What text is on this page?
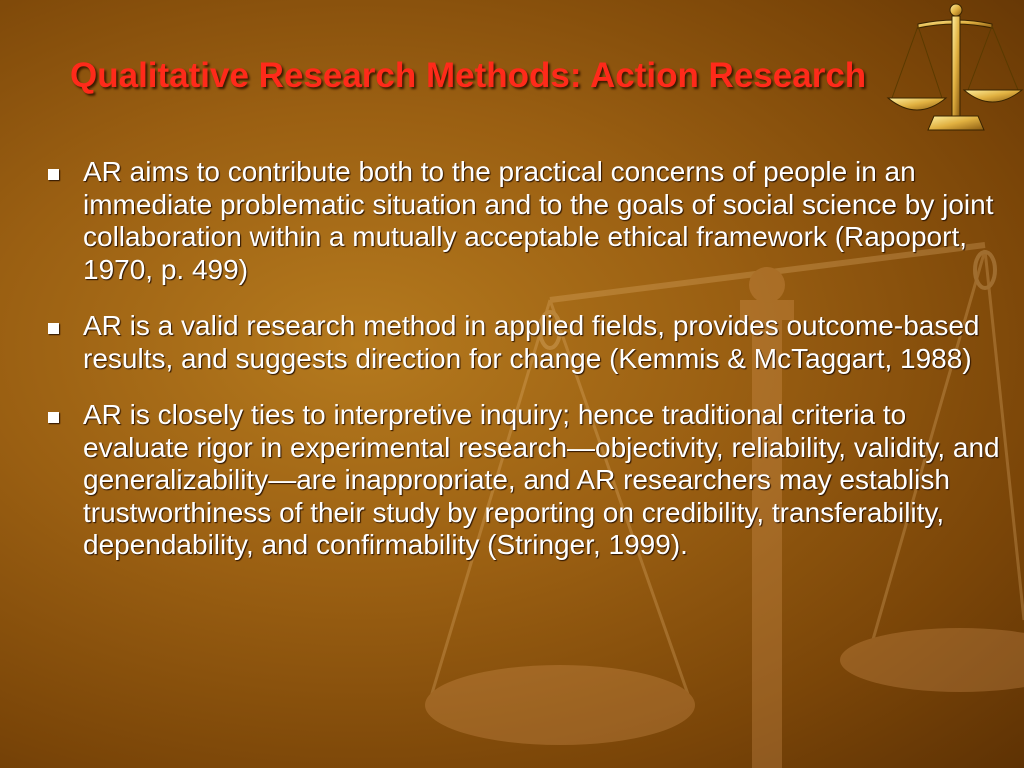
Qualitative Research Methods: Action Research
AR aims to contribute both to the practical concerns of people in an immediate problematic situation and to the goals of social science by joint collaboration within a mutually acceptable ethical framework (Rapoport, 1970, p. 499)
AR is a valid research method in applied fields, provides outcome-based results, and suggests direction for change (Kemmis & McTaggart, 1988)
AR is closely ties to interpretive inquiry; hence traditional criteria to evaluate rigor in experimental research—objectivity, reliability, validity, and generalizability—are inappropriate, and AR researchers may establish trustworthiness of their study by reporting on credibility, transferability, dependability, and confirmability (Stringer, 1999).
